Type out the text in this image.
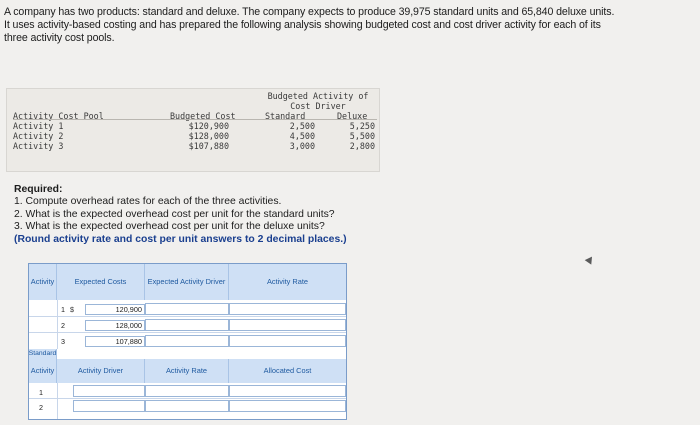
A company has two products: standard and deluxe. The company expects to produce 39,975 standard units and 65,840 deluxe units.

It uses activity-based costing and has prepared the following analysis showing budgeted cost and cost driver activity for each of its

three activity cost pools.

Budgeted Activity of
Cost Driver
Activity Cost Pool	Budgeted Cost	Standard	Deluxe
Activity 1	$120,900	2,500	5,250
Activity 2	$128,000	4,500	5,500
Activity 3	$107,880	3,000	2,800

Required:

1. Compute overhead rates for each of the three activities.

2. What is the expected overhead cost per unit for the standard units?

3. What is the expected overhead cost per unit for the deluxe units?

(Round activity rate and cost per unit answers to 2 decimal places.)

Activity	Expected Costs	Expected Activity Driver	Activity Rate
1 $	120,900
2	128,000
3	107,880
Standard
Activity	Activity Driver	Activity Rate	Allocated Cost
1
2
